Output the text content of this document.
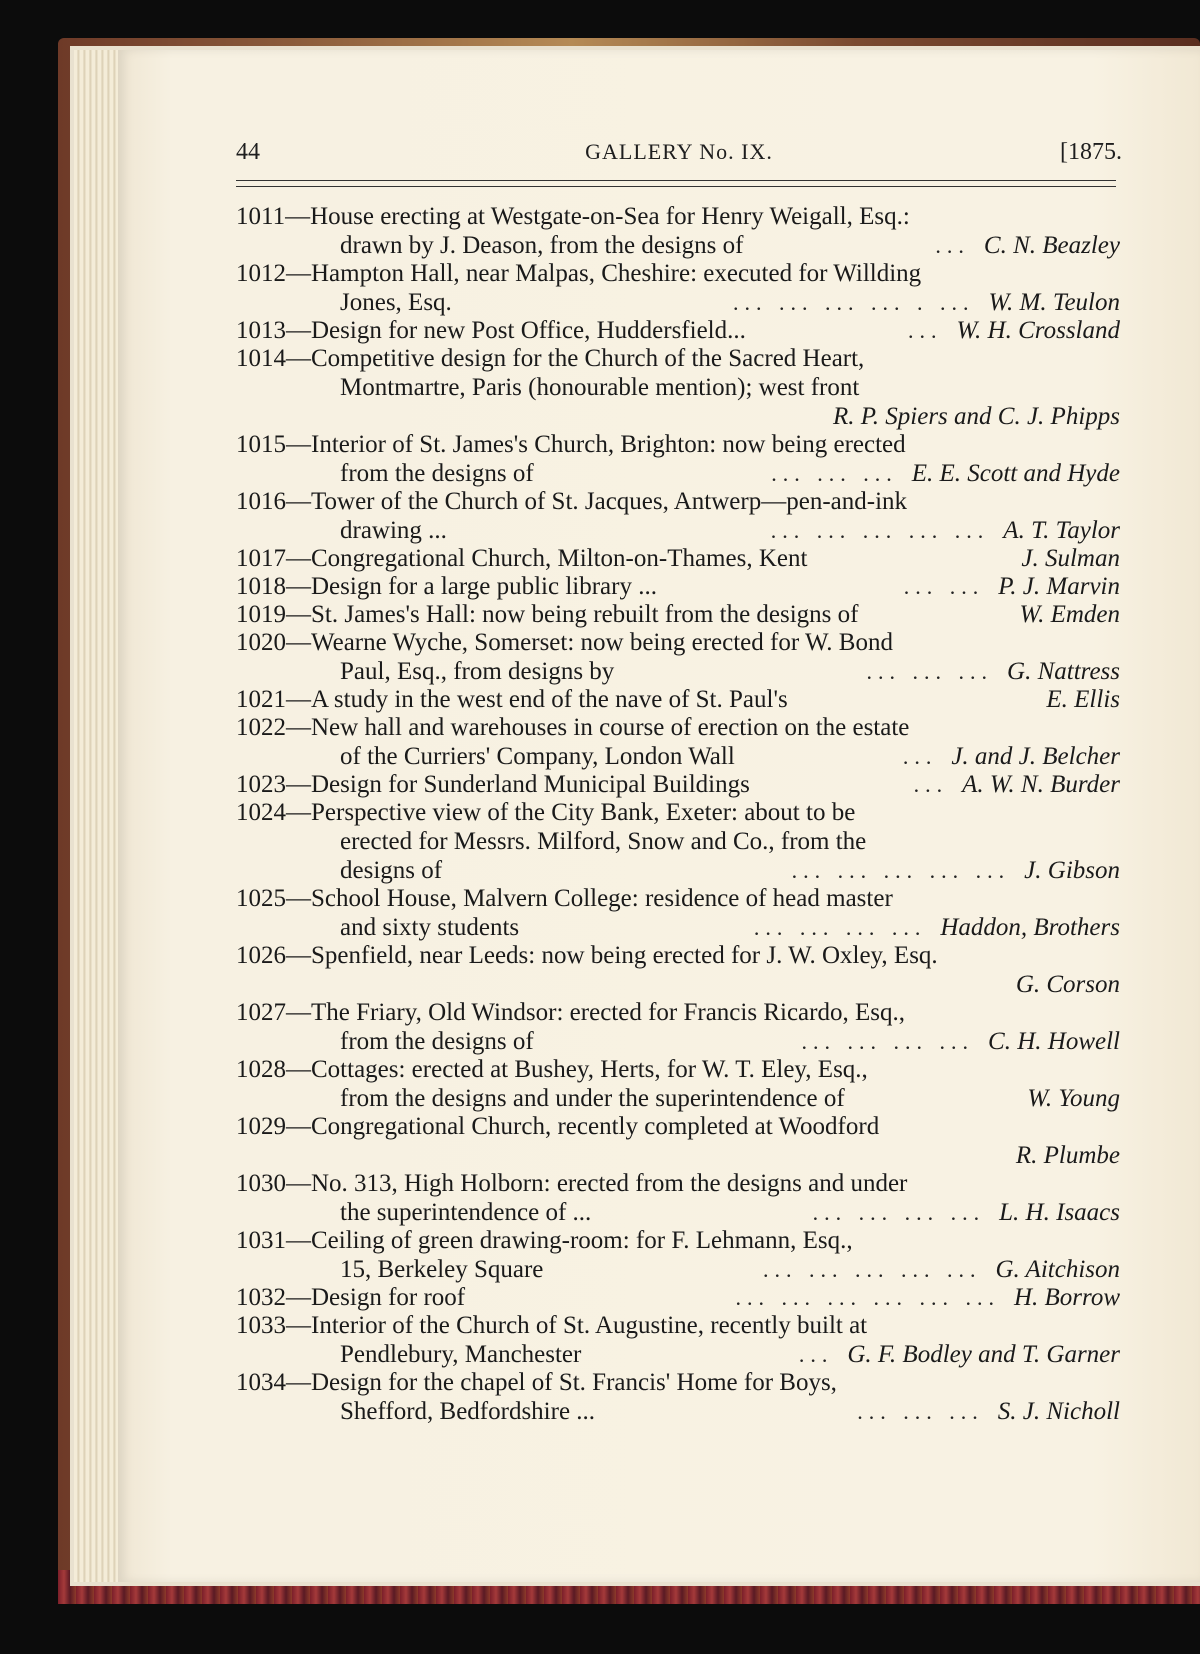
44	GALLERY No. IX.	[1875.
1011—House erecting at Westgate-on-Sea for Henry Weigall, Esq.:
drawn by J. Deason, from the designs of	... C. N. Beazley
1012—Hampton Hall, near Malpas, Cheshire: executed for Willding
Jones, Esq.	... ... ... ... . ... W. M. Teulon
1013—Design for new Post Office, Huddersfield...	... W. H. Crossland
1014—Competitive design for the Church of the Sacred Heart,
Montmartre, Paris (honourable mention); west front
R. P. Spiers and C. J. Phipps
1015—Interior of St. James's Church, Brighton: now being erected
from the designs of	... ... ... E. E. Scott and Hyde
1016—Tower of the Church of St. Jacques, Antwerp—pen-and-ink
drawing ...	... ... ... ... ... A. T. Taylor
1017—Congregational Church, Milton-on-Thames, Kent	J. Sulman
1018—Design for a large public library ...	... ... P. J. Marvin
1019—St. James's Hall: now being rebuilt from the designs of	W. Emden
1020—Wearne Wyche, Somerset: now being erected for W. Bond
Paul, Esq., from designs by	... ... ... G. Nattress
1021—A study in the west end of the nave of St. Paul's	E. Ellis
1022—New hall and warehouses in course of erection on the estate
of the Curriers' Company, London Wall	... J. and J. Belcher
1023—Design for Sunderland Municipal Buildings	... A. W. N. Burder
1024—Perspective view of the City Bank, Exeter: about to be
erected for Messrs. Milford, Snow and Co., from the
designs of	... ... ... ... ... J. Gibson
1025—School House, Malvern College: residence of head master
and sixty students	... ... ... ... Haddon, Brothers
1026—Spenfield, near Leeds: now being erected for J. W. Oxley, Esq.
G. Corson
1027—The Friary, Old Windsor: erected for Francis Ricardo, Esq.,
from the designs of	... ... ... ... C. H. Howell
1028—Cottages: erected at Bushey, Herts, for W. T. Eley, Esq.,
from the designs and under the superintendence of	W. Young
1029—Congregational Church, recently completed at Woodford
R. Plumbe
1030—No. 313, High Holborn: erected from the designs and under
the superintendence of ...	... ... ... ... L. H. Isaacs
1031—Ceiling of green drawing-room: for F. Lehmann, Esq.,
15, Berkeley Square	... ... ... ... ... G. Aitchison
1032—Design for roof	... ... ... ... ... ... H. Borrow
1033—Interior of the Church of St. Augustine, recently built at
Pendlebury, Manchester	... G. F. Bodley and T. Garner
1034—Design for the chapel of St. Francis' Home for Boys,
Shefford, Bedfordshire ...	... ... ... S. J. Nicholl
